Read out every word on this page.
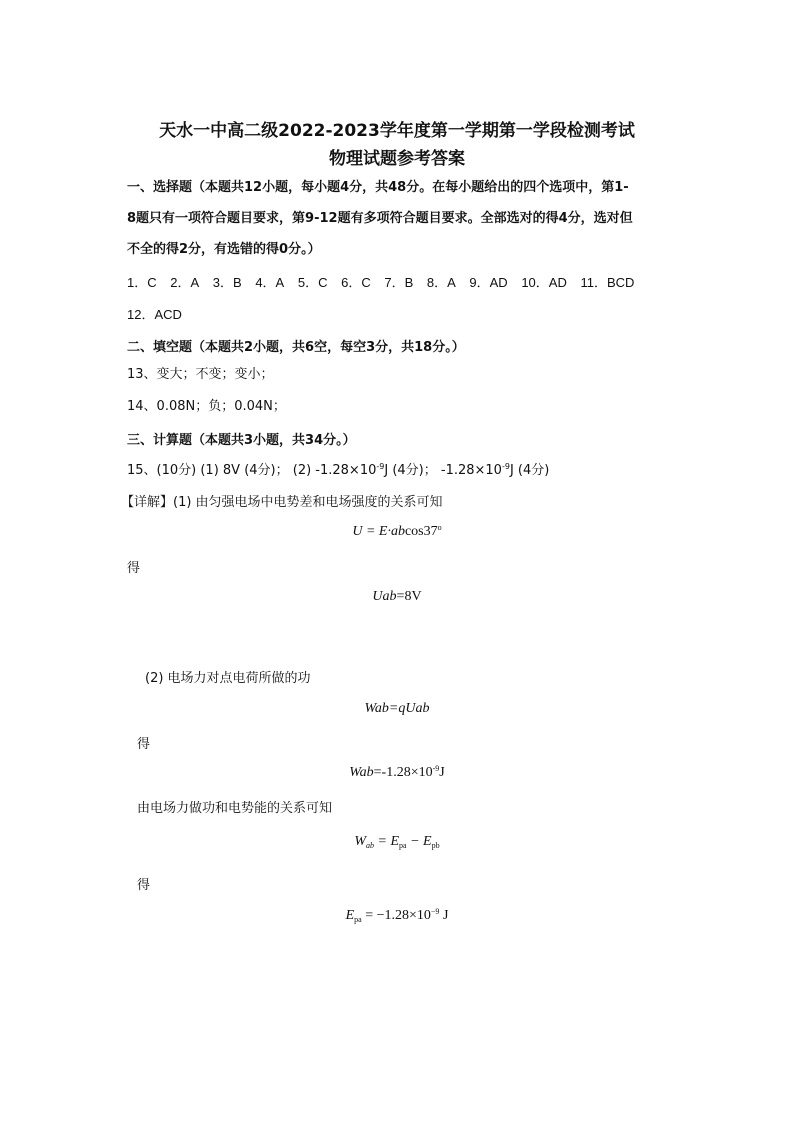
天水一中高二级2022-2023学年度第一学期第一学段检测考试
物理试题参考答案
一、选择题（本题共12小题，每小题4分，共48分。在每小题给出的四个选项中，第1-
8题只有一项符合题目要求，第9-12题有多项符合题目要求。全部选对的得4分，选对但
不全的得2分，有选错的得0分。）
1．C 2．A 3．B 4．A 5．C 6．C 7．B 8．A 9．AD 10．AD 11．BCD
12．ACD
二、填空题（本题共2小题，共6空，每空3分，共18分。）
13、变大；不变；变小；
14、0.08N；负；0.04N；
三、计算题（本题共3小题，共34分。）
15、(10分) (1) 8V (4分)； (2) $-1.28\times 10^{-9}J$ (4分)； $-1.28\times 10^{-9}J$ (4分)
【详解】(1) 由匀强电场中电势差和电场强度的关系可知
$U = E\cdot abcos37^o$
得
Uab=8V
(2) 电场力对点电荷所做的功
Wab=qUab
得
$Wab=-1.28\times 10^{-9}J$
由电场力做功和电势能的关系可知
$W_{ab} = E_{pa} - E_{pb}$
得
$E_{pa} = -1.28\times 10^{-9}$ J
